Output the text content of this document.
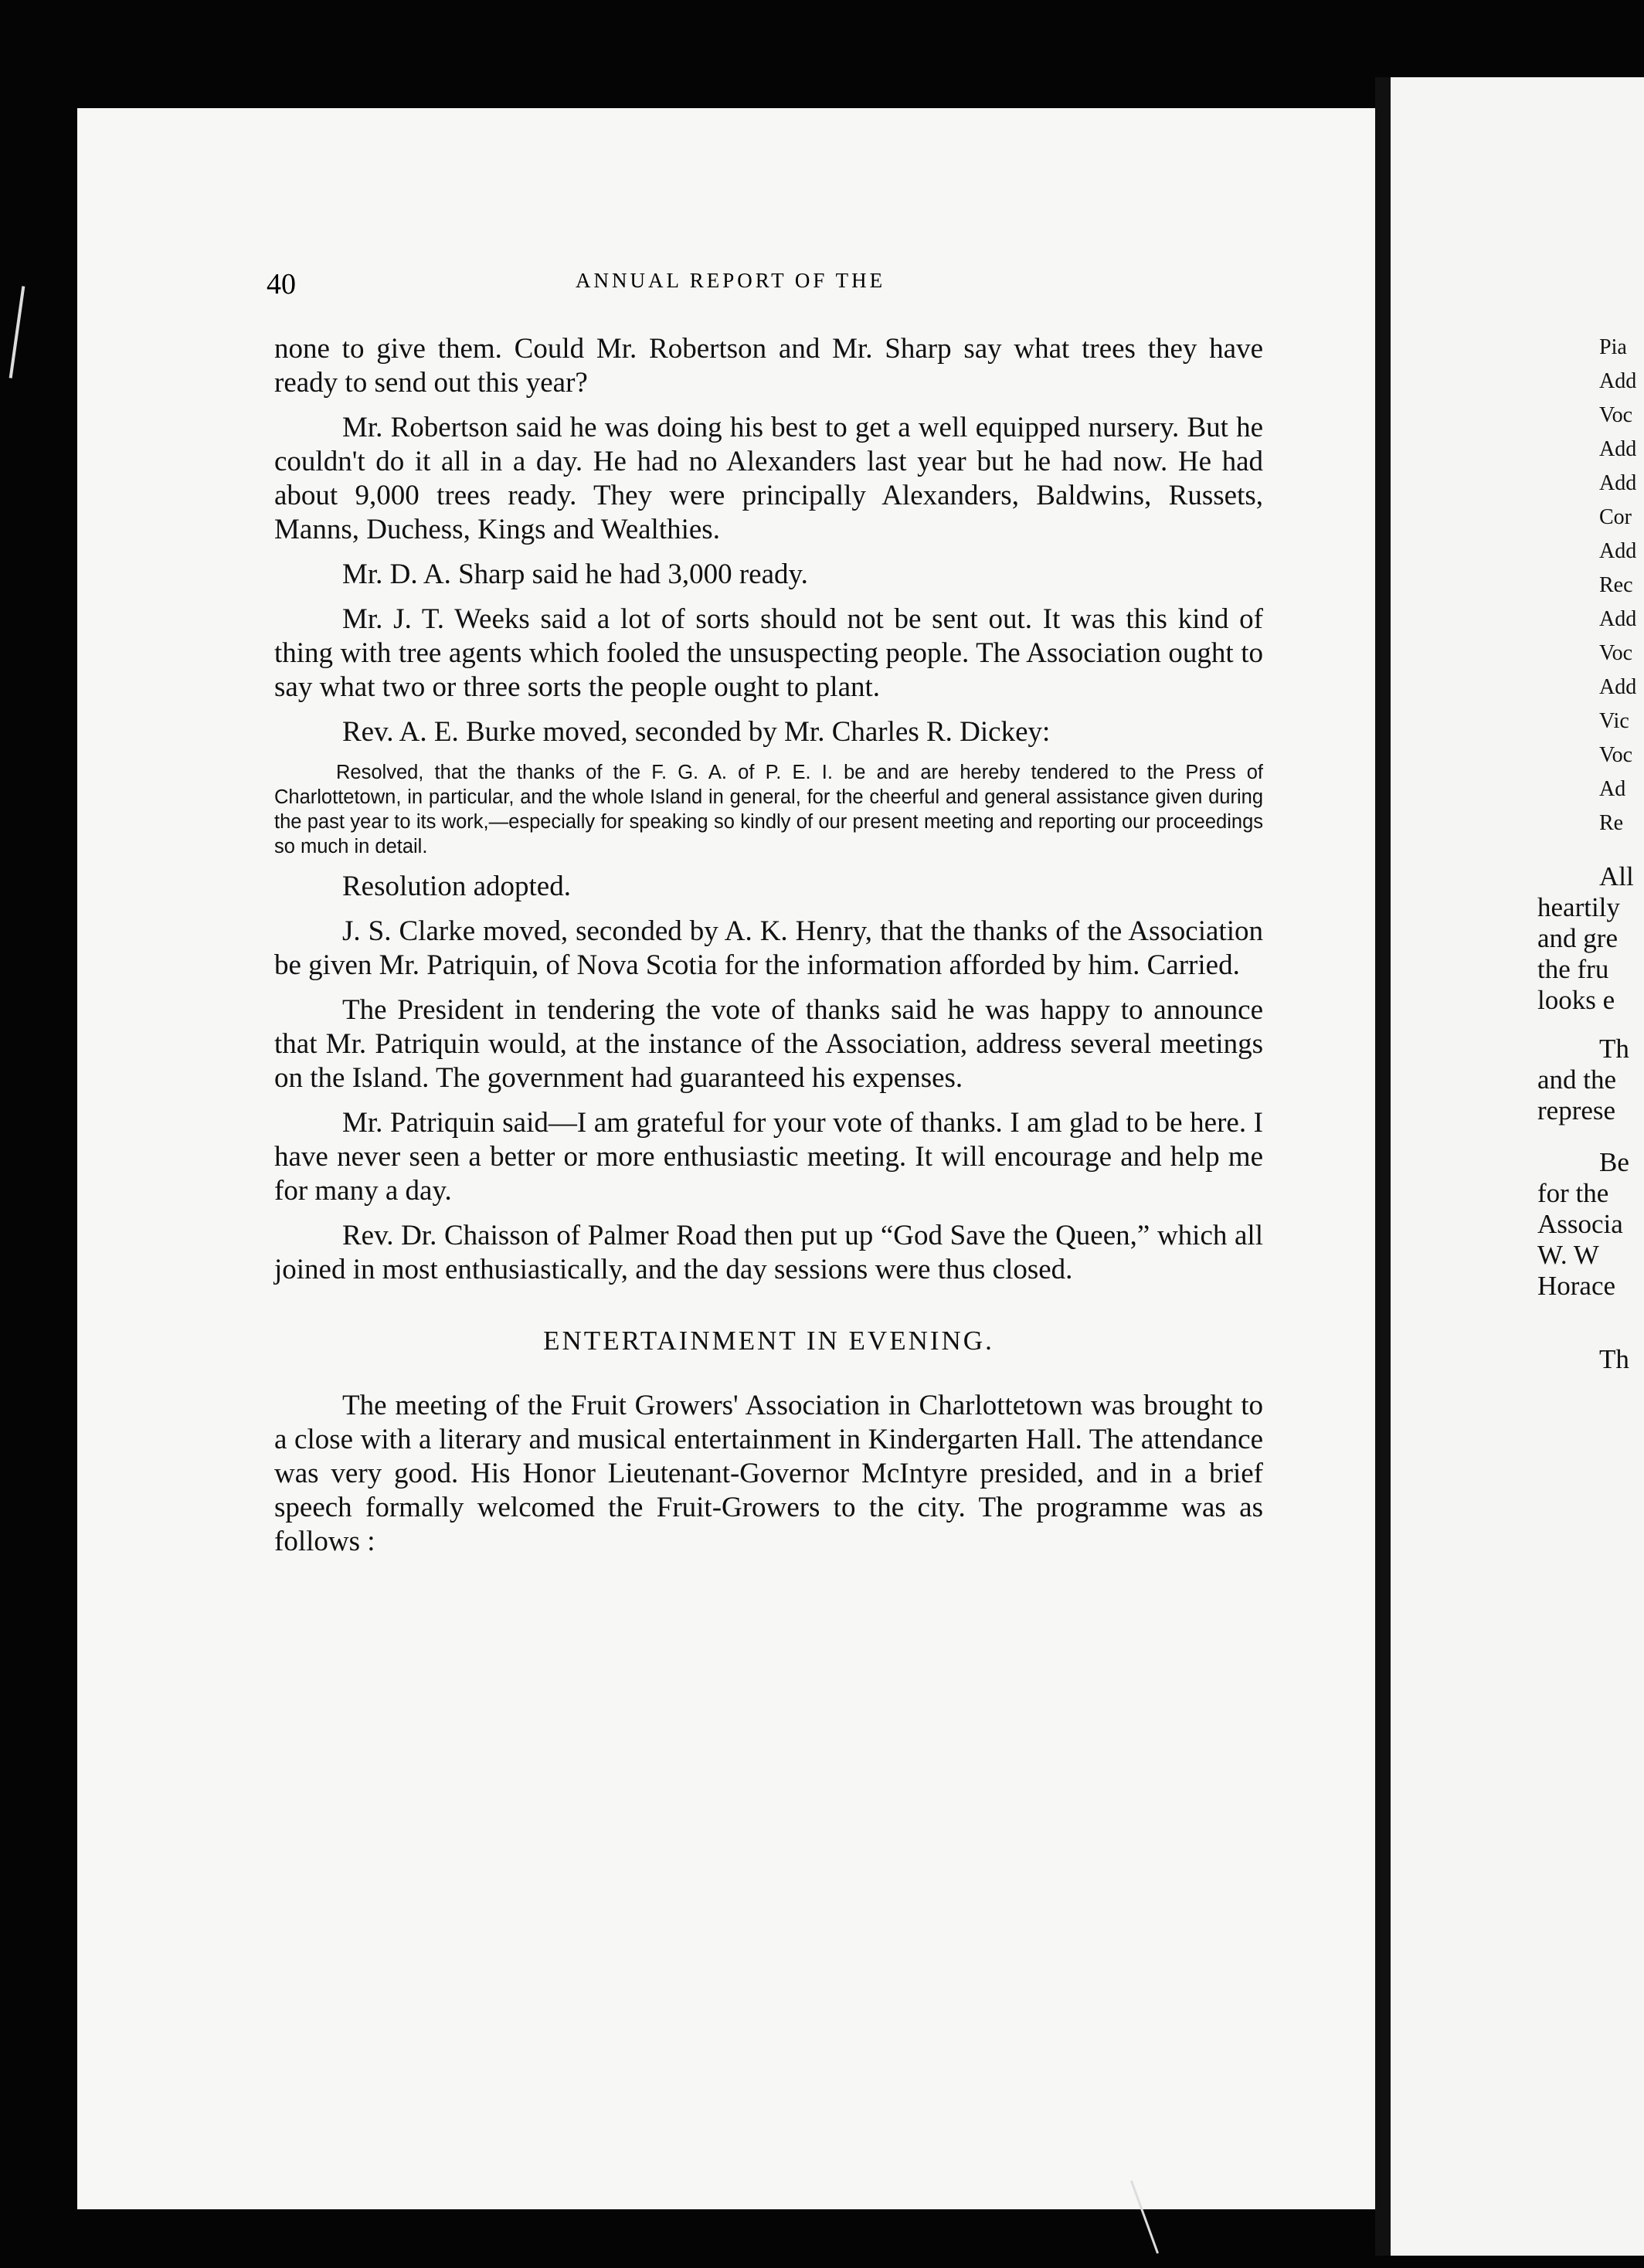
40	ANNUAL REPORT OF THE

none to give them. Could Mr. Robertson and Mr. Sharp say what trees they have ready to send out this year?

Mr. Robertson said he was doing his best to get a well equipped nursery. But he couldn't do it all in a day. He had no Alexanders last year but he had now. He had about 9,000 trees ready. They were principally Alexanders, Baldwins, Russets, Manns, Duchess, Kings and Wealthies.

Mr. D. A. Sharp said he had 3,000 ready.

Mr. J. T. Weeks said a lot of sorts should not be sent out. It was this kind of thing with tree agents which fooled the unsuspecting people. The Association ought to say what two or three sorts the people ought to plant.

Rev. A. E. Burke moved, seconded by Mr. Charles R. Dickey:

Resolved, that the thanks of the F. G. A. of P. E. I. be and are hereby tendered to the Press of Charlottetown, in particular, and the whole Island in general, for the cheerful and general assistance given during the past year to its work,—especially for speaking so kindly of our present meeting and reporting our proceedings so much in detail.

Resolution adopted.

J. S. Clarke moved, seconded by A. K. Henry, that the thanks of the Association be given Mr. Patriquin, of Nova Scotia for the information afforded by him. Carried.

The President in tendering the vote of thanks said he was happy to announce that Mr. Patriquin would, at the instance of the Association, address several meetings on the Island. The government had guaranteed his expenses.

Mr. Patriquin said—I am grateful for your vote of thanks. I am glad to be here. I have never seen a better or more enthusiastic meeting. It will encourage and help me for many a day.

Rev. Dr. Chaisson of Palmer Road then put up “God Save the Queen,” which all joined in most enthusiastically, and the day sessions were thus closed.

ENTERTAINMENT IN EVENING.

The meeting of the Fruit Growers' Association in Charlottetown was brought to a close with a literary and musical entertainment in Kindergarten Hall. The attendance was very good. His Honor Lieutenant-Governor McIntyre presided, and in a brief speech formally welcomed the Fruit-Growers to the city. The programme was as follows :

Pia
Add
Voc
Add
Add
Cor
Add
Rec
Add
Voc
Add
Vic
Voc
Ad
Re
All
heartily
and gre
the fru
looks e
Th
and the
represe
Be
for the
Associa
W. W
Horace
Th
